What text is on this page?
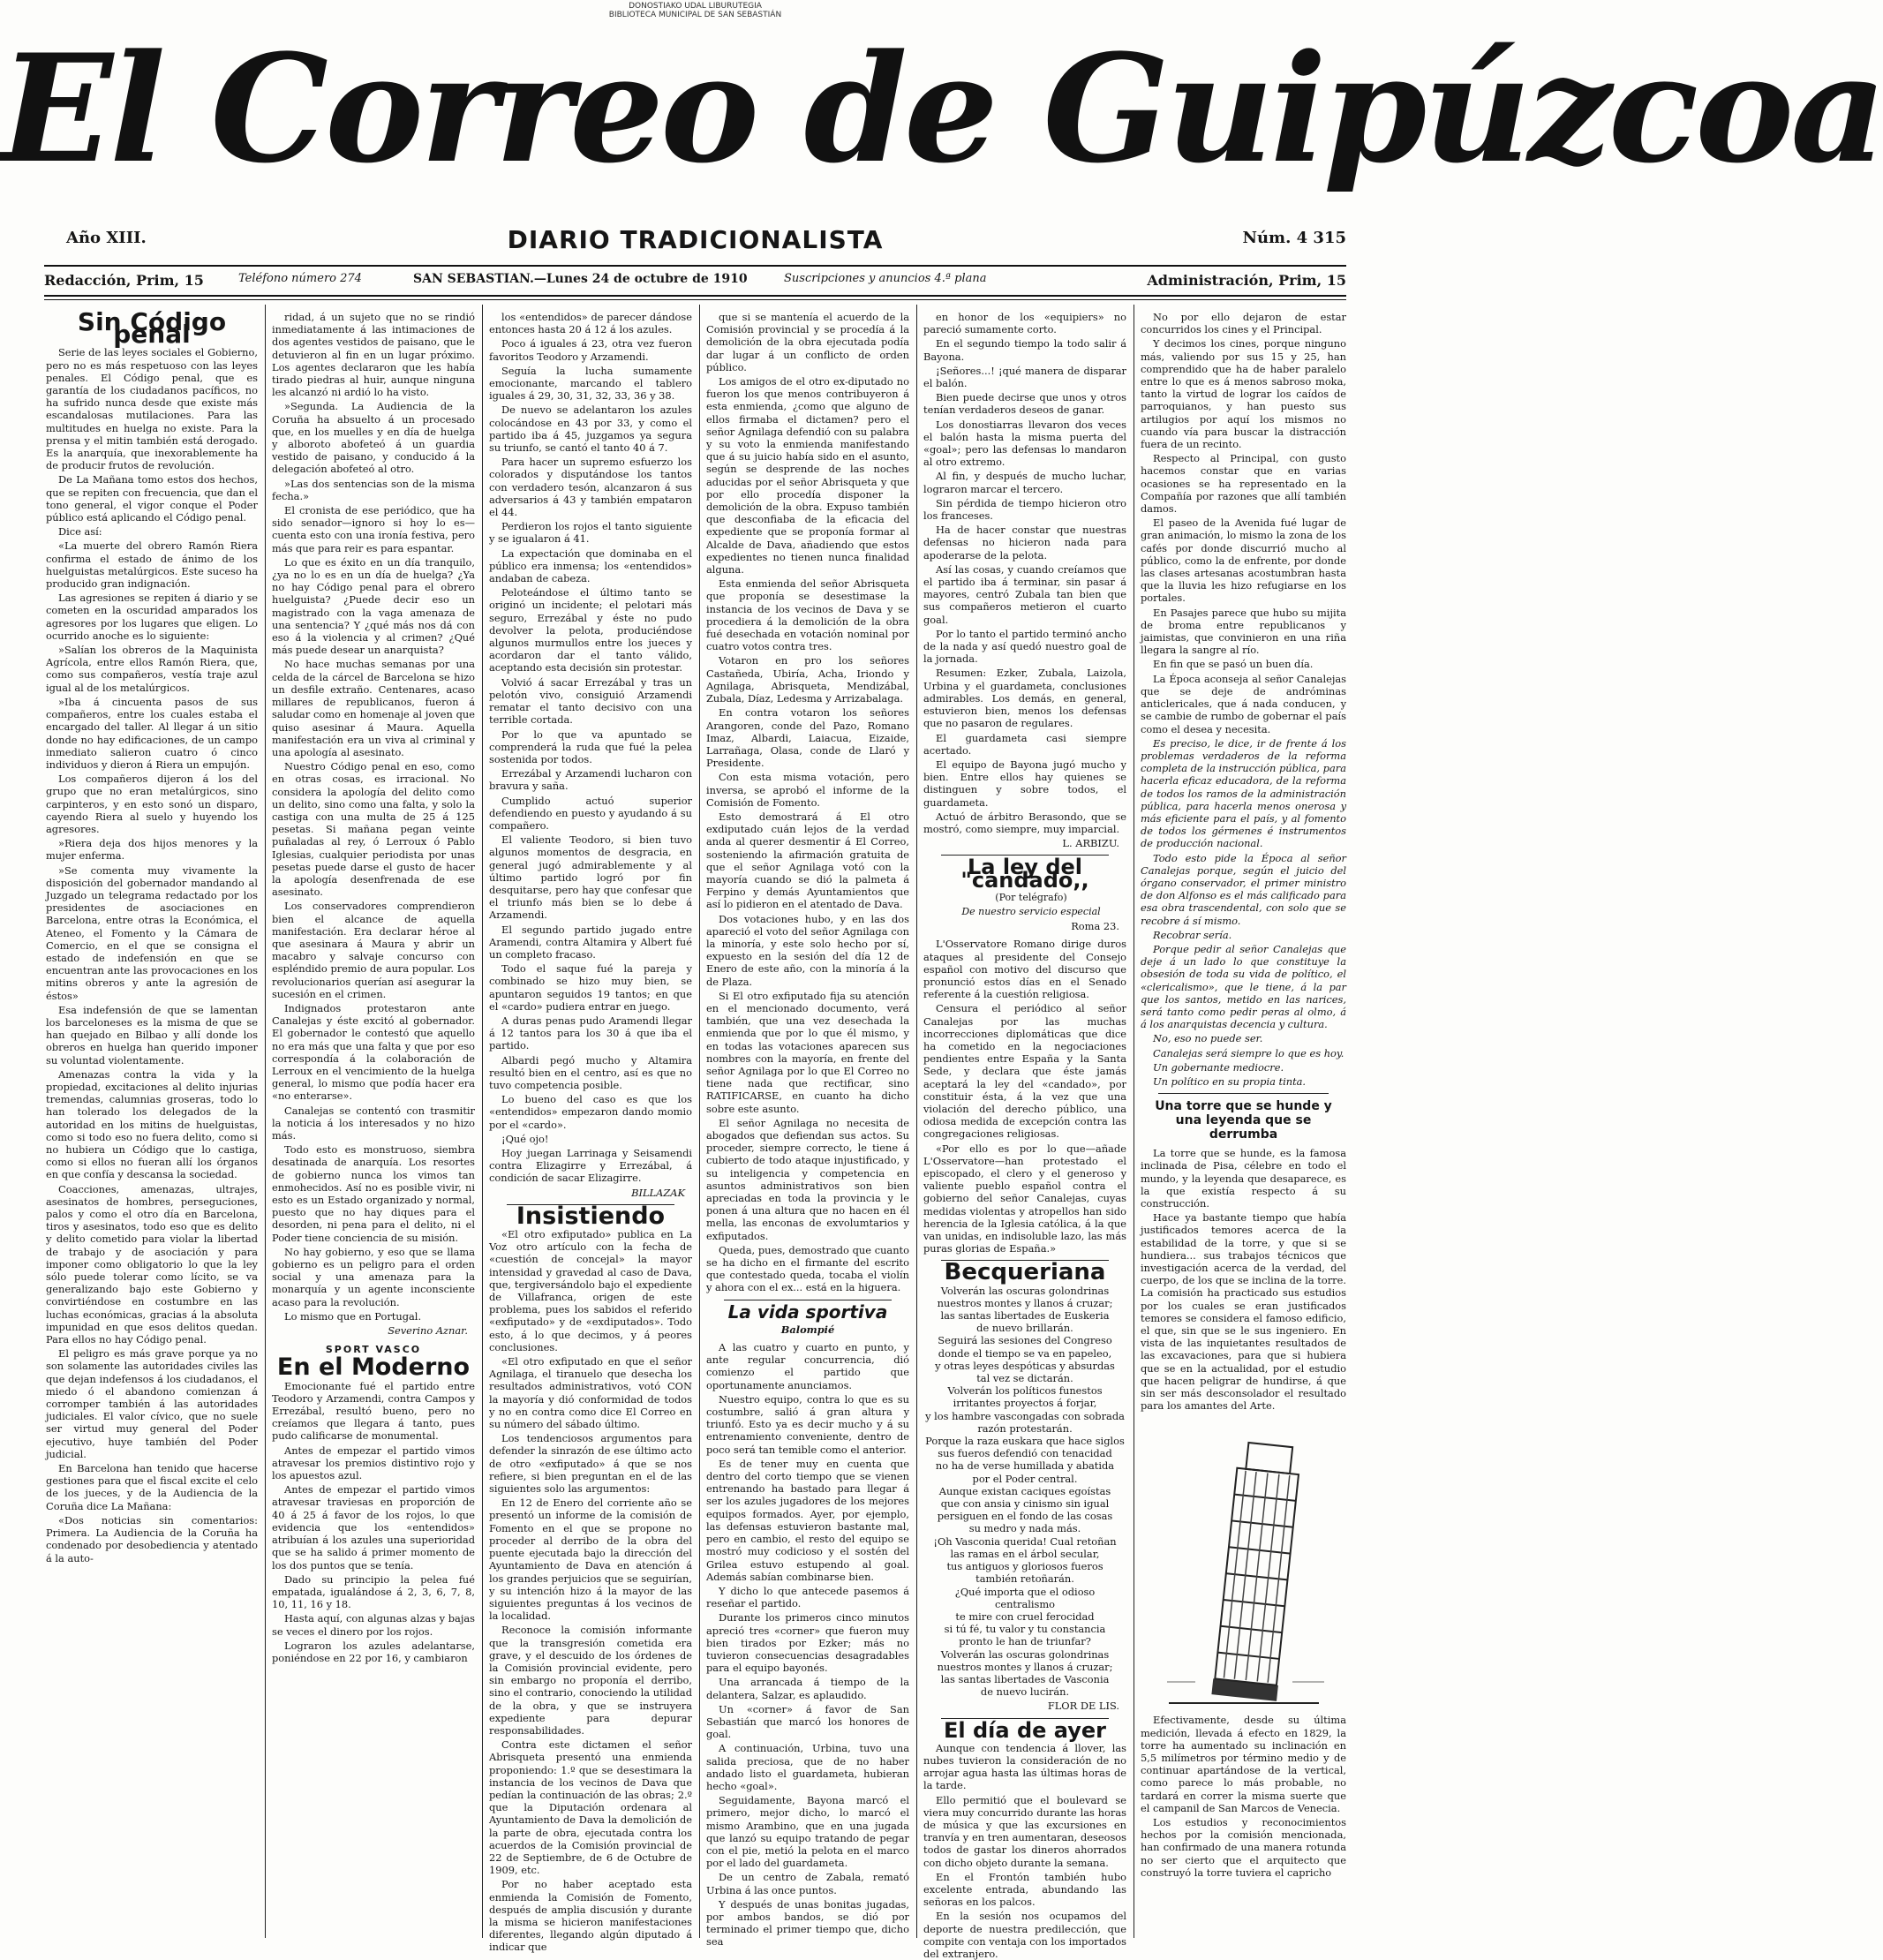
DONOSTIAKO UDAL LIBURUTEGIA
BIBLIOTECA MUNICIPAL DE SAN SEBASTIÁN
El Correo de Guipúzcoa
Año XIII.	DIARIO TRADICIONALISTA	Núm. 4 315
Redacción, Prim, 15	Teléfono número 274	SAN SEBASTIAN.—Lunes 24 de octubre de 1910	Suscripciones y anuncios 4.ª plana	Administración, Prim, 15
Sin Código penal

Serie de las leyes sociales el Gobierno, pero no es más respetuoso con las leyes penales. El Código penal, que es garantía de los ciudadanos pacíficos, no ha sufrido nunca desde que existe más escandalosas mutilaciones. Para las multitudes en huelga no existe. Para la prensa y el mitin también está derogado. Es la anarquía, que inexorablemente ha de producir frutos de revolución.

De La Mañana tomo estos dos hechos, que se repiten con frecuencia, que dan el tono general, el vigor conque el Poder público está aplicando el Código penal.

Dice así:

«La muerte del obrero Ramón Riera confirma el estado de ánimo de los huelguistas metalúrgicos. Este suceso ha producido gran indignación.

Las agresiones se repiten á diario y se cometen en la oscuridad amparados los agresores por los lugares que eligen. Lo ocurrido anoche es lo siguiente:

»Salían los obreros de la Maquinista Agrícola, entre ellos Ramón Riera, que, como sus compañeros, vestía traje azul igual al de los metalúrgicos.

»Iba á cincuenta pasos de sus compañeros, entre los cuales estaba el encargado del taller. Al llegar á un sitio donde no hay edificaciones, de un campo inmediato salieron cuatro ó cinco individuos y dieron á Riera un empujón.

Los compañeros dijeron á los del grupo que no eran metalúrgicos, sino carpinteros, y en esto sonó un disparo, cayendo Riera al suelo y huyendo los agresores.

»Riera deja dos hijos menores y la mujer enferma.

»Se comenta muy vivamente la disposición del gobernador mandando al Juzgado un telegrama redactado por los presidentes de asociaciones en Barcelona, entre otras la Económica, el Ateneo, el Fomento y la Cámara de Comercio, en el que se consigna el estado de indefensión en que se encuentran ante las provocaciones en los mitins obreros y ante la agresión de éstos»

Esa indefensión de que se lamentan los barceloneses es la misma de que se han quejado en Bilbao y allí donde los obreros en huelga han querido imponer su voluntad violentamente.

Amenazas contra la vida y la propiedad, excitaciones al delito injurias tremendas, calumnias groseras, todo lo han tolerado los delegados de la autoridad en los mitins de huelguistas, como si todo eso no fuera delito, como si no hubiera un Código que lo castiga, como si ellos no fueran allí los órganos en que confía y descansa la sociedad.

Coacciones, amenazas, ultrajes, asesinatos de hombres, perseguciones, palos y como el otro día en Barcelona, tiros y asesinatos, todo eso que es delito y delito cometido para violar la libertad de trabajo y de asociación y para imponer como obligatorio lo que la ley sólo puede tolerar como lícito, se va generalizando bajo este Gobierno y convirtiéndose en costumbre en las luchas económicas, gracias á la absoluta impunidad en que esos delitos quedan. Para ellos no hay Código penal.

El peligro es más grave porque ya no son solamente las autoridades civiles las que dejan indefensos á los ciudadanos, el miedo ó el abandono comienzan á corromper también á las autoridades judiciales. El valor cívico, que no suele ser virtud muy general del Poder ejecutivo, huye también del Poder judicial.

En Barcelona han tenido que hacerse gestiones para que el fiscal excite el celo de los jueces, y de la Audiencia de la Coruña dice La Mañana:

«Dos noticias sin comentarios: Primera. La Audiencia de la Coruña ha condenado por desobediencia y atentado á la auto-

ridad, á un sujeto que no se rindió inmediatamente á las intimaciones de dos agentes vestidos de paisano, que le detuvieron al fin en un lugar próximo. Los agentes declararon que les había tirado piedras al huir, aunque ninguna les alcanzó ni ardió lo ha visto.

»Segunda. La Audiencia de la Coruña ha absuelto á un procesado que, en los muelles y en día de huelga y alboroto abofeteó á un guardia vestido de paisano, y conducido á la delegación abofeteó al otro.

»Las dos sentencias son de la misma fecha.»

El cronista de ese periódico, que ha sido senador—ignoro si hoy lo es—cuenta esto con una ironía festiva, pero más que para reir es para espantar.

Lo que es éxito en un día tranquilo, ¿ya no lo es en un día de huelga? ¿Ya no hay Código penal para el obrero huelguista? ¿Puede decir eso un magistrado con la vaga amenaza de una sentencia? Y ¿qué más nos dá con eso á la violencia y al crimen? ¿Qué más puede desear un anarquista?

No hace muchas semanas por una celda de la cárcel de Barcelona se hizo un desfile extraño. Centenares, acaso millares de republicanos, fueron á saludar como en homenaje al joven que quiso asesinar á Maura. Aquella manifestación era un viva al criminal y una apología al asesinato.

Nuestro Código penal en eso, como en otras cosas, es irracional. No considera la apología del delito como un delito, sino como una falta, y solo la castiga con una multa de 25 á 125 pesetas. Si mañana pegan veinte puñaladas al rey, ó Lerroux ó Pablo Iglesias, cualquier periodista por unas pesetas puede darse el gusto de hacer la apología desenfrenada de ese asesinato.

Los conservadores comprendieron bien el alcance de aquella manifestación. Era declarar héroe al que asesinara á Maura y abrir un macabro y salvaje concurso con espléndido premio de aura popular. Los revolucionarios querían así asegurar la sucesión en el crimen.

Indignados protestaron ante Canalejas y éste excitó al gobernador. El gobernador le contestó que aquello no era más que una falta y que por eso correspondía á la colaboración de Lerroux en el vencimiento de la huelga general, lo mismo que podía hacer era «no enterarse».

Canalejas se contentó con trasmitir la noticia á los interesados y no hizo más.

Todo esto es monstruoso, siembra desatinada de anarquía. Los resortes de gobierno nunca los vimos tan enmohecidos. Así no es posible vivir, ni esto es un Estado organizado y normal, puesto que no hay diques para el desorden, ni pena para el delito, ni el Poder tiene conciencia de su misión.

No hay gobierno, y eso que se llama gobierno es un peligro para el orden social y una amenaza para la monarquía y un agente inconsciente acaso para la revolución.

Lo mismo que en Portugal.

Severino Aznar.

SPORT VASCO
En el Moderno

Emocionante fué el partido entre Teodoro y Arzamendi, contra Campos y Errezábal, resultó bueno, pero no creíamos que llegara á tanto, pues pudo calificarse de monumental.

Antes de empezar el partido vimos atravesar los premios distintivo rojo y los apuestos azul.

Antes de empezar el partido vimos atravesar traviesas en proporción de 40 á 25 á favor de los rojos, lo que evidencia que los «entendidos» atribuían á los azules una superioridad que se ha salido á primer momento de los dos puntos que se tenía.

Dado su principio la pelea fué empatada, igualándose á 2, 3, 6, 7, 8, 10, 11, 16 y 18.

Hasta aquí, con algunas alzas y bajas se veces el dinero por los rojos.

Lograron los azules adelantarse, poniéndose en 22 por 16, y cambiaron

los «entendidos» de parecer dándose entonces hasta 20 á 12 á los azules.

Poco á iguales á 23, otra vez fueron favoritos Teodoro y Arzamendi.

Seguía la lucha sumamente emocionante, marcando el tablero iguales á 29, 30, 31, 32, 33, 36 y 38.

De nuevo se adelantaron los azules colocándose en 43 por 33, y como el partido iba á 45, juzgamos ya segura su triunfo, se cantó el tanto 40 á 7.

Para hacer un supremo esfuerzo los colorados y disputándose los tantos con verdadero tesón, alcanzaron á sus adversarios á 43 y también empataron el 44.

Perdieron los rojos el tanto siguiente y se igualaron á 41.

La expectación que dominaba en el público era inmensa; los «entendidos» andaban de cabeza.

Peloteándose el último tanto se originó un incidente; el pelotari más seguro, Errezábal y éste no pudo devolver la pelota, produciéndose algunos murmullos entre los jueces y acordaron dar el tanto válido, aceptando esta decisión sin protestar.

Volvió á sacar Errezábal y tras un pelotón vivo, consiguió Arzamendi rematar el tanto decisivo con una terrible cortada.

Por lo que va apuntado se comprenderá la ruda que fué la pelea sostenida por todos.

Errezábal y Arzamendi lucharon con bravura y saña.

Cumplido actuó superior defendiendo en puesto y ayudando á su compañero.

El valiente Teodoro, si bien tuvo algunos momentos de desgracia, en general jugó admirablemente y al último partido logró por fin desquitarse, pero hay que confesar que el triunfo más bien se lo debe á Arzamendi.

El segundo partido jugado entre Aramendi, contra Altamira y Albert fué un completo fracaso.

Todo el saque fué la pareja y combinado se hizo muy bien, se apuntaron seguidos 19 tantos; en que el «cardo» pudiera entrar en juego.

A duras penas pudo Aramendi llegar á 12 tantos para los 30 á que iba el partido.

Albardi pegó mucho y Altamira resultó bien en el centro, así es que no tuvo competencia posible.

Lo bueno del caso es que los «entendidos» empezaron dando momio por el «cardo».

¡Qué ojo!

Hoy juegan Larrinaga y Seisamendi contra Elizagirre y Errezábal, á condición de sacar Elizagirre.

BILLAZAK

Insistiendo

«El otro exfiputado» publica en La Voz otro artículo con la fecha de «cuestión de concejal» la mayor intensidad y gravedad al caso de Dava, que, tergiversándolo bajo el expediente de Villafranca, origen de este problema, pues los sabidos el referido «exfiputado» y de «exdiputados». Todo esto, á lo que decimos, y á peores conclusiones.

«El otro exfiputado en que el señor Agnilaga, el tiranuelo que desecha los resultados administrativos, votó CON la mayoría y dió conformidad de todos y no en contra como dice El Correo en su número del sábado último.

Los tendenciosos argumentos para defender la sinrazón de ese último acto de otro «exfiputado» á que se nos refiere, si bien preguntan en el de las siguientes solo las argumentos:

En 12 de Enero del corriente año se presentó un informe de la comisión de Fomento en el que se propone no proceder al derribo de la obra del puente ejecutada bajo la dirección del Ayuntamiento de Dava en atención á los grandes perjuicios que se seguirían, y su intención hizo á la mayor de las siguientes preguntas á los vecinos de la localidad.

Reconoce la comisión informante que la transgresión cometida era grave, y el descuido de los órdenes de la Comisión provincial evidente, pero sin embargo no proponía el derribo, sino el contrario, conociendo la utilidad de la obra, y que se instruyera expediente para depurar responsabilidades.

Contra este dictamen el señor Abrisqueta presentó una enmienda proponiendo: 1.º que se desestimara la instancia de los vecinos de Dava que pedían la continuación de las obras; 2.º que la Diputación ordenara al Ayuntamiento de Dava la demolición de la parte de obra, ejecutada contra los acuerdos de la Comisión provincial de 22 de Septiembre, de 6 de Octubre de 1909, etc.

Por no haber aceptado esta enmienda la Comisión de Fomento, después de amplia discusión y durante la misma se hicieron manifestaciones diferentes, llegando algún diputado á indicar que

que si se mantenía el acuerdo de la Comisión provincial y se procedía á la demolición de la obra ejecutada podía dar lugar á un conflicto de orden público.

Los amigos de el otro ex-diputado no fueron los que menos contribuyeron á esta enmienda, ¿como que alguno de ellos firmaba el dictamen? pero el señor Agnilaga defendió con su palabra y su voto la enmienda manifestando que á su juicio había sido en el asunto, según se desprende de las noches aducidas por el señor Abrisqueta y que por ello procedía disponer la demolición de la obra. Expuso también que desconfiaba de la eficacia del expediente que se proponía formar al Alcalde de Dava, añadiendo que estos expedientes no tienen nunca finalidad alguna.

Esta enmienda del señor Abrisqueta que proponía se desestimase la instancia de los vecinos de Dava y se procediera á la demolición de la obra fué desechada en votación nominal por cuatro votos contra tres.

Votaron en pro los señores Castañeda, Ubiría, Acha, Iriondo y Agnilaga, Abrisqueta, Mendizábal, Zubala, Díaz, Ledesma y Arrizabalaga.

En contra votaron los señores Arangoren, conde del Pazo, Romano Imaz, Albardi, Laiacua, Eizaide, Larrañaga, Olasa, conde de Llaró y Presidente.

Con esta misma votación, pero inversa, se aprobó el informe de la Comisión de Fomento.

Esto demostrará á El otro exdiputado cuán lejos de la verdad anda al querer desmentir á El Correo, sosteniendo la afirmación gratuita de que el señor Agnilaga votó con la mayoría cuando se dió la palmeta á Ferpino y demás Ayuntamientos que así lo pidieron en el atentado de Dava.

Dos votaciones hubo, y en las dos apareció el voto del señor Agnilaga con la minoría, y este solo hecho por sí, expuesto en la sesión del día 12 de Enero de este año, con la minoría á la de Plaza.

Si El otro exfiputado fija su atención en el mencionado documento, verá también, que una vez desechada la enmienda que por lo que él mismo, y en todas las votaciones aparecen sus nombres con la mayoría, en frente del señor Agnilaga por lo que El Correo no tiene nada que rectificar, sino RATIFICARSE, en cuanto ha dicho sobre este asunto.

El señor Agnilaga no necesita de abogados que defiendan sus actos. Su proceder, siempre correcto, le tiene á cubierto de todo ataque injustificado, y su inteligencia y competencia en asuntos administrativos son bien apreciadas en toda la provincia y le ponen á una altura que no hacen en él mella, las enconas de exvolumtarios y exfiputados.

Queda, pues, demostrado que cuanto se ha dicho en el firmante del escrito que contestado queda, tocaba el violín y ahora con el ex... está en la higuera.

La vida sportiva

Balompié

A las cuatro y cuarto en punto, y ante regular concurrencia, dió comienzo el partido que oportunamente anunciamos.

Nuestro equipo, contra lo que es su costumbre, salió á gran altura y triunfó. Esto ya es decir mucho y á su entrenamiento conveniente, dentro de poco será tan temible como el anterior.

Es de tener muy en cuenta que dentro del corto tiempo que se vienen entrenando ha bastado para llegar á ser los azules jugadores de los mejores equipos formados. Ayer, por ejemplo, las defensas estuvieron bastante mal, pero en cambio, el resto del equipo se mostró muy codicioso y el sostén del Grilea estuvo estupendo al goal. Además sabían combinarse bien.

Y dicho lo que antecede pasemos á reseñar el partido.

Durante los primeros cinco minutos apreció tres «corner» que fueron muy bien tirados por Ezker; más no tuvieron consecuencias desagradables para el equipo bayonés.

Una arrancada á tiempo de la delantera, Salzar, es aplaudido.

Un «corner» á favor de San Sebastián que marcó los honores de goal.

A continuación, Urbina, tuvo una salida preciosa, que de no haber andado listo el guardameta, hubieran hecho «goal».

Seguidamente, Bayona marcó el primero, mejor dicho, lo marcó el mismo Arambino, que en una jugada que lanzó su equipo tratando de pegar con el pie, metió la pelota en el marco por el lado del guardameta.

De un centro de Zabala, remató Urbina á las once puntos.

Y después de unas bonitas jugadas, por ambos bandos, se dió por terminado el primer tiempo que, dicho sea

en honor de los «equipiers» no pareció sumamente corto.

En el segundo tiempo la todo salir á Bayona.

¡Señores...! ¡qué manera de disparar el balón.

Bien puede decirse que unos y otros tenían verdaderos deseos de ganar.

Los donostiarras llevaron dos veces el balón hasta la misma puerta del «goal»; pero las defensas lo mandaron al otro extremo.

Al fin, y después de mucho luchar, lograron marcar el tercero.

Sin pérdida de tiempo hicieron otro los franceses.

Ha de hacer constar que nuestras defensas no hicieron nada para apoderarse de la pelota.

Así las cosas, y cuando creíamos que el partido iba á terminar, sin pasar á mayores, centró Zubala tan bien que sus compañeros metieron el cuarto goal.

Por lo tanto el partido terminó ancho de la nada y así quedó nuestro goal de la jornada.

Resumen: Ezker, Zubala, Laizola, Urbina y el guardameta, conclusiones admirables. Los demás, en general, estuvieron bien, menos los defensas que no pasaron de regulares.

El guardameta casi siempre acertado.

El equipo de Bayona jugó mucho y bien. Entre ellos hay quienes se distinguen y sobre todos, el guardameta.

Actuó de árbitro Berasondo, que se mostró, como siempre, muy imparcial.

L. ARBIZU.

La ley del "candado,,

(Por telégrafo)

De nuestro servicio especial

Roma 23.

L'Osservatore Romano dirige duros ataques al presidente del Consejo español con motivo del discurso que pronunció estos días en el Senado referente á la cuestión religiosa.

Censura el periódico al señor Canalejas por las muchas incorrecciones diplomáticas que dice ha cometido en la negociaciones pendientes entre España y la Santa Sede, y declara que éste jamás aceptará la ley del «candado», por constituir ésta, á la vez que una violación del derecho público, una odiosa medida de excepción contra las congregaciones religiosas.

«Por ello es por lo que—añade L'Osservatore—han protestado el episcopado, el clero y el generoso y valiente pueblo español contra el gobierno del señor Canalejas, cuyas medidas violentas y atropellos han sido herencia de la Iglesia católica, á la que van unidas, en indisoluble lazo, las más puras glorias de España.»

Becqueriana

Volverán las oscuras golondrinas

nuestros montes y llanos á cruzar;

las santas libertades de Euskeria

de nuevo brillarán.

Seguirá las sesiones del Congreso

donde el tiempo se va en papeleo,

y otras leyes despóticas y absurdas

tal vez se dictarán.

Volverán los políticos funestos

irritantes proyectos á forjar,

y los hambre vascongadas con sobrada

razón protestarán.

Porque la raza euskara que hace siglos

sus fueros defendió con tenacidad

no ha de verse humillada y abatida

por el Poder central.

Aunque existan caciques egoístas

que con ansia y cinismo sin igual

persiguen en el fondo de las cosas

su medro y nada más.

¡Oh Vasconia querida! Cual retoñan

las ramas en el árbol secular,

tus antiguos y gloriosos fueros

también retoñarán.

¿Qué importa que el odioso centralismo

te mire con cruel ferocidad

si tú fé, tu valor y tu constancia

pronto le han de triunfar?

Volverán las oscuras golondrinas

nuestros montes y llanos á cruzar;

las santas libertades de Vasconia

de nuevo lucirán.

FLOR DE LIS.

El día de ayer

Aunque con tendencia á llover, las nubes tuvieron la consideración de no arrojar agua hasta las últimas horas de la tarde.

Ello permitió que el boulevard se viera muy concurrido durante las horas de música y que las excursiones en tranvía y en tren aumentaran, deseosos todos de gastar los dineros ahorrados con dicho objeto durante la semana.

En el Frontón también hubo excelente entrada, abundando las señoras en los palcos.

En la sesión nos ocupamos del deporte de nuestra predilección, que compite con ventaja con los importados del extranjero.

No por ello dejaron de estar concurridos los cines y el Principal.

Y decimos los cines, porque ninguno más, valiendo por sus 15 y 25, han comprendido que ha de haber paralelo entre lo que es á menos sabroso moka, tanto la virtud de lograr los caídos de parroquianos, y han puesto sus artilugios por aquí los mismos no cuando vía para buscar la distracción fuera de un recinto.

Respecto al Principal, con gusto hacemos constar que en varias ocasiones se ha representado en la Compañía por razones que allí también damos.

El paseo de la Avenida fué lugar de gran animación, lo mismo la zona de los cafés por donde discurrió mucho al público, como la de enfrente, por donde las clases artesanas acostumbran hasta que la lluvia les hizo refugiarse en los portales.

En Pasajes parece que hubo su mijita de broma entre republicanos y jaimistas, que convinieron en una riña llegara la sangre al río.

En fin que se pasó un buen día.

La Época aconseja al señor Canalejas que se deje de andróminas anticlericales, que á nada conducen, y se cambie de rumbo de gobernar el país como el desea y necesita.

Es preciso, le dice, ir de frente á los problemas verdaderos de la reforma completa de la instrucción pública, para hacerla eficaz educadora, de la reforma de todos los ramos de la administración pública, para hacerla menos onerosa y más eficiente para el país, y al fomento de todos los gérmenes é instrumentos de producción nacional.

Todo esto pide la Época al señor Canalejas porque, según el juicio del órgano conservador, el primer ministro de don Alfonso es el más calificado para esa obra trascendental, con solo que se recobre á sí mismo.

Recobrar sería.

Porque pedir al señor Canalejas que deje á un lado lo que constituye la obsesión de toda su vida de político, el «clericalismo», que le tiene, á la par que los santos, metido en las narices, será tanto como pedir peras al olmo, á á los anarquistas decencia y cultura.

No, eso no puede ser.

Canalejas será siempre lo que es hoy.

Un gobernante mediocre.

Un político en su propia tinta.

Una torre que se hunde y una leyenda que se derrumba

La torre que se hunde, es la famosa inclinada de Pisa, célebre en todo el mundo, y la leyenda que desaparece, es la que existía respecto á su construcción.

Hace ya bastante tiempo que había justificados temores acerca de la estabilidad de la torre, y que si se hundiera... sus trabajos técnicos que investigación acerca de la verdad, del cuerpo, de los que se inclina de la torre. La comisión ha practicado sus estudios por los cuales se eran justificados temores se considera el famoso edificio, el que, sin que se le sus ingeniero. En vista de las inquietantes resultados de las excavaciones, para que si hubiera que se en la actualidad, por el estudio que hacen peligrar de hundirse, á que sin ser más desconsolador el resultado para los amantes del Arte.

Efectivamente, desde su última medición, llevada á efecto en 1829, la torre ha aumentado su inclinación en 5,5 milímetros por término medio y de continuar apartándose de la vertical, como parece lo más probable, no tardará en correr la misma suerte que el campanil de San Marcos de Venecia.

Los estudios y reconocimientos hechos por la comisión mencionada, han confirmado de una manera rotunda no ser cierto que el arquitecto que construyó la torre tuviera el capricho
